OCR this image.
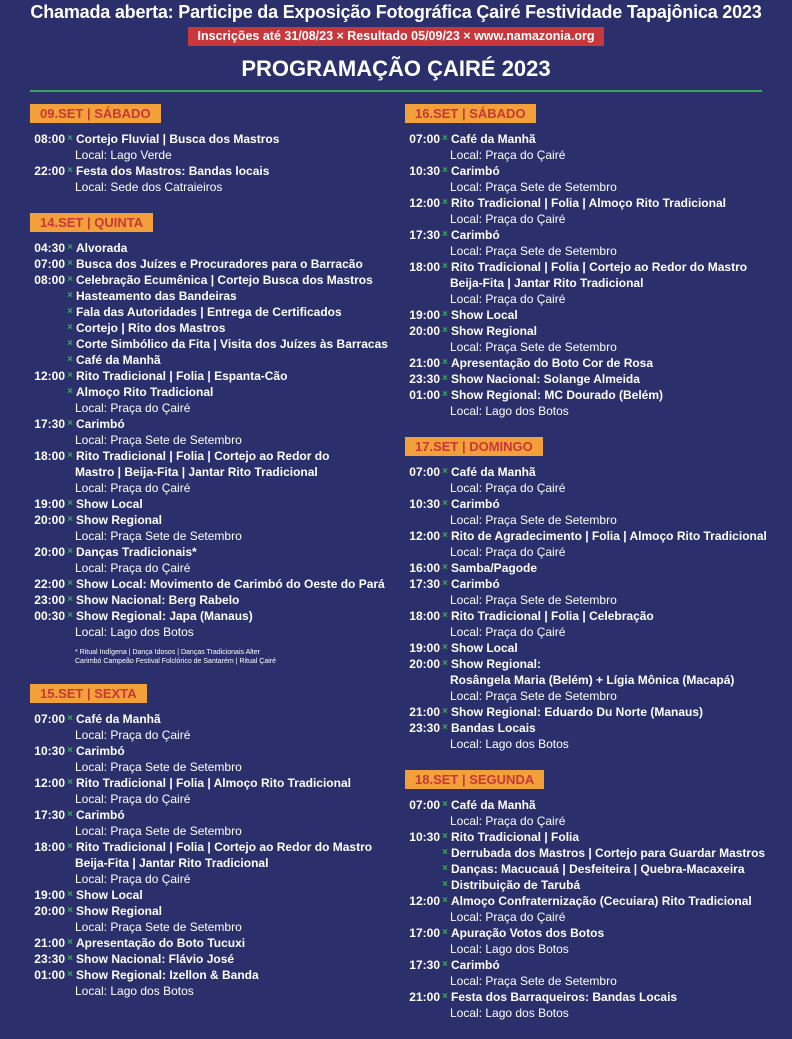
Chamada aberta: Participe da Exposição Fotográfica Çairé Festividade Tapajônica 2023
Inscrições até 31/08/23 × Resultado 05/09/23 × www.namazonia.org
PROGRAMAÇÃO ÇAIRÉ 2023
09.SET | SÁBADO
08:00 × Cortejo Fluvial | Busca dos Mastros
Local: Lago Verde
22:00 × Festa dos Mastros: Bandas locais
Local: Sede dos Catraieiros
14.SET | QUINTA
04:30 × Alvorada
07:00 × Busca dos Juízes e Procuradores para o Barracão
08:00 × Celebração Ecumênica | Cortejo Busca dos Mastros
× Hasteamento das Bandeiras
× Fala das Autoridades | Entrega de Certificados
× Cortejo | Rito dos Mastros
× Corte Simbólico da Fita | Visita dos Juízes às Barracas
× Café da Manhã
12:00 × Rito Tradicional | Folia | Espanta-Cão
× Almoço Rito Tradicional
Local: Praça do Çairé
17:30 × Carimbó
Local: Praça Sete de Setembro
18:00 × Rito Tradicional | Folia | Cortejo ao Redor do
Mastro | Beija-Fita | Jantar Rito Tradicional
Local: Praça do Çairé
19:00 × Show Local
20:00 × Show Regional
Local: Praça Sete de Setembro
20:00 × Danças Tradicionais*
Local: Praça do Çairé
22:00 × Show Local: Movimento de Carimbó do Oeste do Pará
23:00 × Show Nacional: Berg Rabelo
00:30 × Show Regional: Japa (Manaus)
Local: Lago dos Botos
* Ritual Indígena | Dança Idosos | Danças Tradicionais Alter
Carimbó Campeão Festival Folclórico de Santarém | Ritual Çairé
15.SET | SEXTA
07:00 × Café da Manhã
Local: Praça do Çairé
10:30 × Carimbó
Local: Praça Sete de Setembro
12:00 × Rito Tradicional | Folia | Almoço Rito Tradicional
Local: Praça do Çairé
17:30 × Carimbó
Local: Praça Sete de Setembro
18:00 × Rito Tradicional | Folia | Cortejo ao Redor do Mastro
Beija-Fita | Jantar Rito Tradicional
Local: Praça do Çairé
19:00 × Show Local
20:00 × Show Regional
Local: Praça Sete de Setembro
21:00 × Apresentação do Boto Tucuxi
23:30 × Show Nacional: Flávio José
01:00 × Show Regional: Izellon & Banda
Local: Lago dos Botos
16.SET | SÁBADO
07:00 × Café da Manhã
Local: Praça do Çairé
10:30 × Carimbó
Local: Praça Sete de Setembro
12:00 × Rito Tradicional | Folia | Almoço Rito Tradicional
Local: Praça do Çairé
17:30 × Carimbó
Local: Praça Sete de Setembro
18:00 × Rito Tradicional | Folia | Cortejo ao Redor do Mastro
Beija-Fita | Jantar Rito Tradicional
Local: Praça do Çairé
19:00 × Show Local
20:00 × Show Regional
Local: Praça Sete de Setembro
21:00 × Apresentação do Boto Cor de Rosa
23:30 × Show Nacional: Solange Almeida
01:00 × Show Regional: MC Dourado (Belém)
Local: Lago dos Botos
17.SET | DOMINGO
07:00 × Café da Manhã
Local: Praça do Çairé
10:30 × Carimbó
Local: Praça Sete de Setembro
12:00 × Rito de Agradecimento | Folia | Almoço Rito Tradicional
Local: Praça do Çairé
16:00 × Samba/Pagode
17:30 × Carimbó
Local: Praça Sete de Setembro
18:00 × Rito Tradicional | Folia | Celebração
Local: Praça do Çairé
19:00 × Show Local
20:00 × Show Regional:
Rosângela Maria (Belém) + Lígia Mônica (Macapá)
Local: Praça Sete de Setembro
21:00 × Show Regional: Eduardo Du Norte (Manaus)
23:30 × Bandas Locais
Local: Lago dos Botos
18.SET | SEGUNDA
07:00 × Café da Manhã
Local: Praça do Çairé
10:30 × Rito Tradicional | Folia
× Derrubada dos Mastros | Cortejo para Guardar Mastros
× Danças: Macucauá | Desfeiteira | Quebra-Macaxeira
× Distribuição de Tarubá
12:00 × Almoço Confraternização (Cecuiara) Rito Tradicional
Local: Praça do Çairé
17:00 × Apuração Votos dos Botos
Local: Lago dos Botos
17:30 × Carimbó
Local: Praça Sete de Setembro
21:00 × Festa dos Barraqueiros: Bandas Locais
Local: Lago dos Botos
